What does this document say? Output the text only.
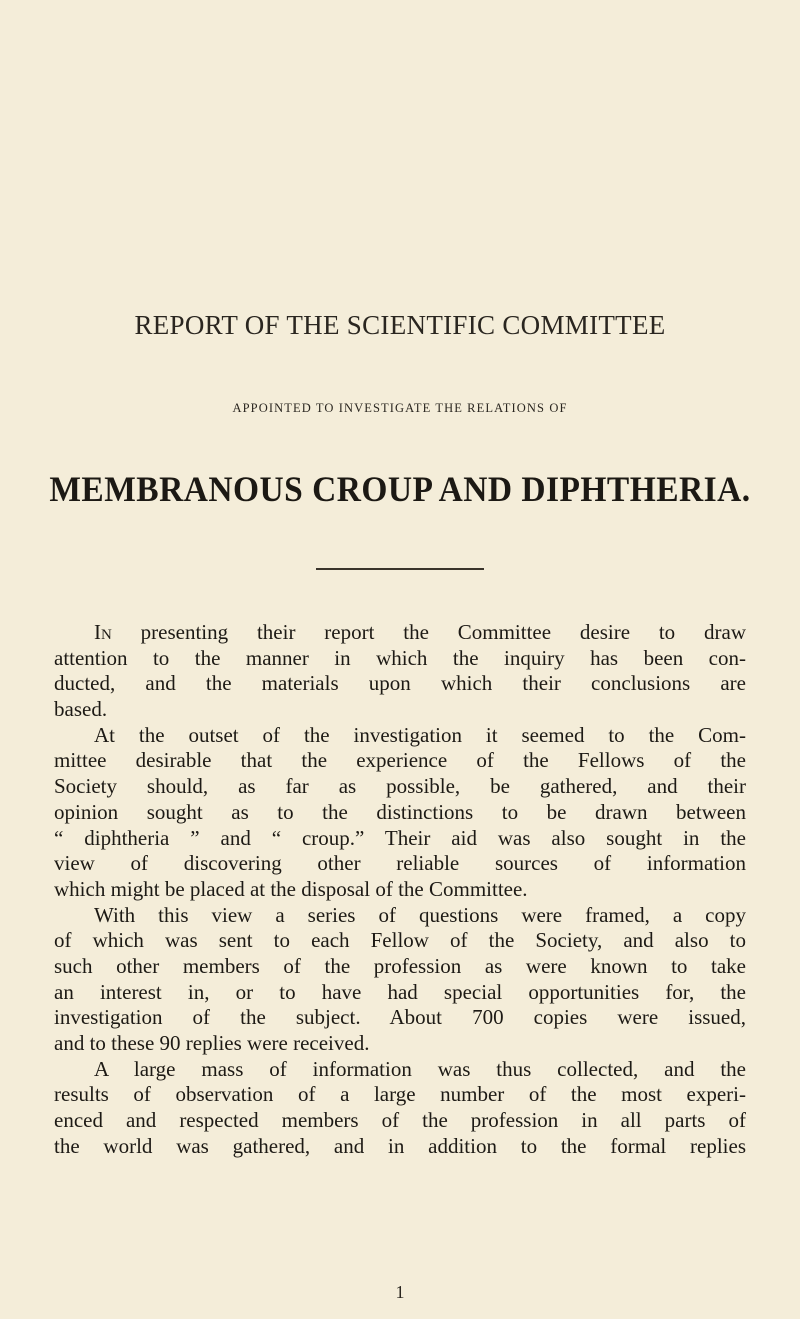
REPORT OF THE SCIENTIFIC COMMITTEE
APPOINTED TO INVESTIGATE THE RELATIONS OF
MEMBRANOUS CROUP AND DIPHTHERIA.
In presenting their report the Committee desire to draw
attention to the manner in which the inquiry has been con-
ducted, and the materials upon which their conclusions are
based.
At the outset of the investigation it seemed to the Com-
mittee desirable that the experience of the Fellows of the
Society should, as far as possible, be gathered, and their
opinion sought as to the distinctions to be drawn between
“ diphtheria ” and “ croup.” Their aid was also sought in the
view of discovering other reliable sources of information
which might be placed at the disposal of the Committee.
With this view a series of questions were framed, a copy
of which was sent to each Fellow of the Society, and also to
such other members of the profession as were known to take
an interest in, or to have had special opportunities for, the
investigation of the subject. About 700 copies were issued,
and to these 90 replies were received.
A large mass of information was thus collected, and the
results of observation of a large number of the most experi-
enced and respected members of the profession in all parts of
the world was gathered, and in addition to the formal replies
1
